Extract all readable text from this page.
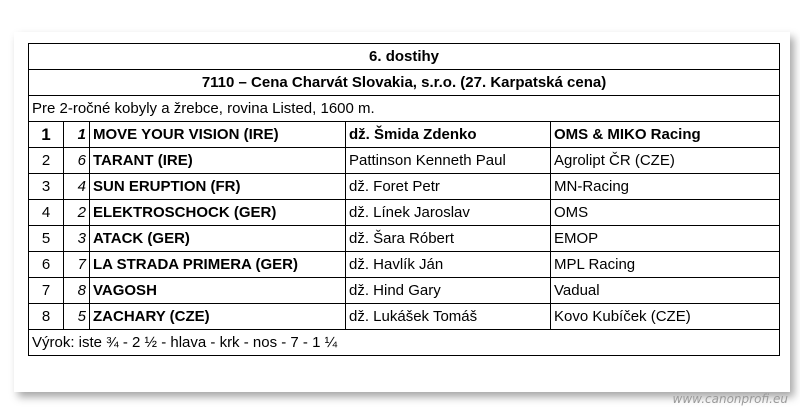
6. dostihy				
7110 – Cena Charvát Slovakia, s.r.o. (27. Karpatská cena)				
Pre 2-ročné kobyly a žrebce, rovina Listed, 1600 m.				
1	1	MOVE YOUR VISION (IRE)	dž. Šmida Zdenko	OMS & MIKO Racing
2	6	TARANT (IRE)	Pattinson Kenneth Paul	Agrolipt ČR (CZE)
3	4	SUN ERUPTION (FR)	dž. Foret Petr	MN-Racing
4	2	ELEKTROSCHOCK (GER)	dž. Línek Jaroslav	OMS
5	3	ATACK (GER)	dž. Šara Róbert	EMOP
6	7	LA STRADA PRIMERA (GER)	dž. Havlík Ján	MPL Racing
7	8	VAGOSH	dž. Hind Gary	Vadual
8	5	ZACHARY (CZE)	dž. Lukášek Tomáš	Kovo Kubíček (CZE)
Výrok: iste ¾ - 2 ½ - hlava - krk - nos - 7 - 1 ¼				
www.canonprofi.eu
